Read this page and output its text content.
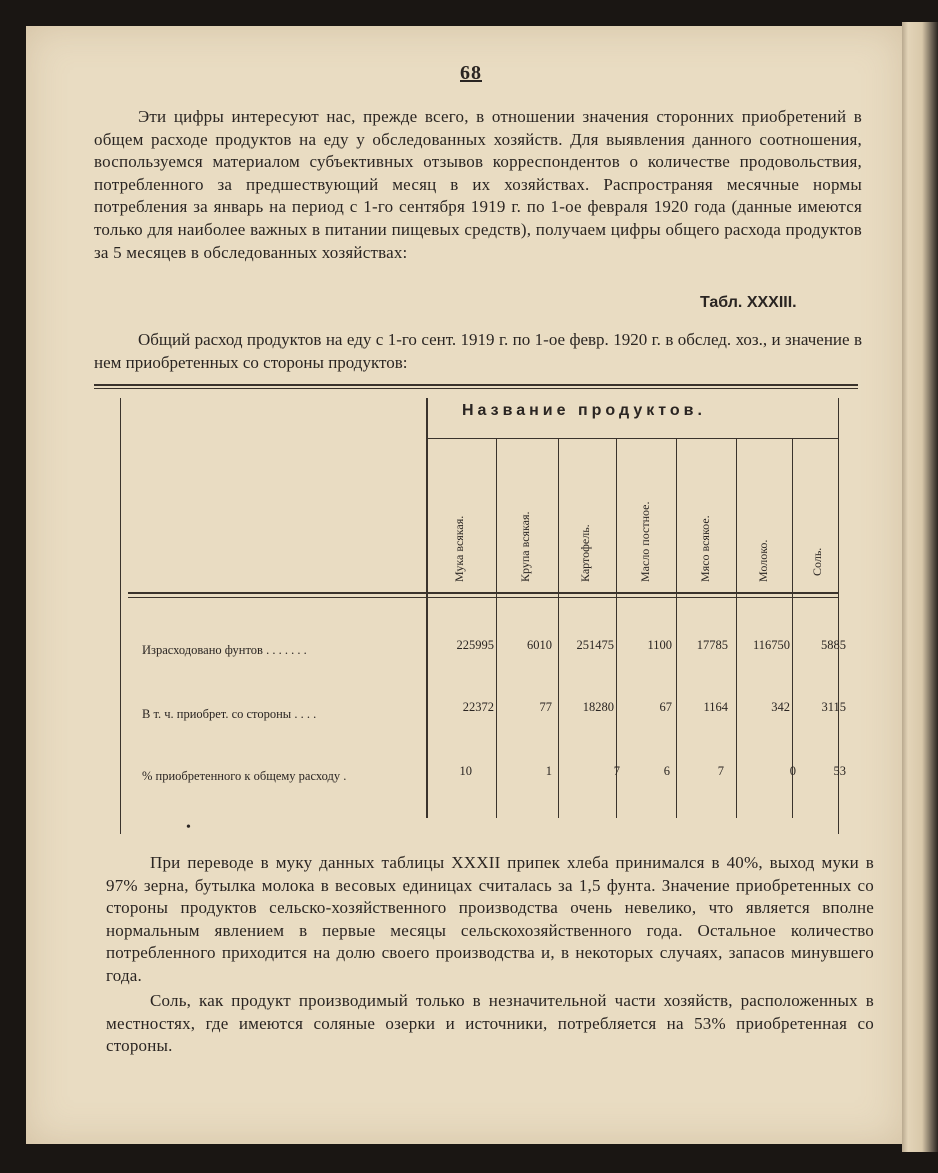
68
Эти цифры интересуют нас, прежде всего, в отношении значения сторонних приобретений в общем расходе продуктов на еду у обследованных хозяйств. Для выявления данного соотношения, воспользуемся материалом субъективных отзывов корреспондентов о количестве продовольствия, потребленного за предшествующий месяц в их хозяйствах. Распространяя месячные нормы потребления за январь на период с 1-го сентября 1919 г. по 1-ое февраля 1920 года (данные имеются только для наиболее важных в питании пищевых средств), получаем цифры общего расхода продуктов за 5 месяцев в обследованных хозяйствах:
Табл. XXXIII.
Общий расход продуктов на еду с 1-го сент. 1919 г. по 1-ое февр. 1920 г. в обслед. хоз., и значение в нем приобретенных со стороны продуктов:
Название продуктов.
Мука всякая.	Крупа всякая.	Картофель.	Масло постное.	Мясо всякое.	Молоко.	Соль.
Израсходовано фунтов . . . . . . .	225995	6010	251475	1100	17785	116750	5885
В т. ч. приобрет. со стороны . . . .	22372	77	18280	67	1164	342	3115
% приобретенного к общему расходу .	10	1	7	6	7	0	53
•
При переводе в муку данных таблицы XXXII припек хлеба принимался в 40%, выход муки в 97% зерна, бутылка молока в весовых единицах считалась за 1,5 фунта. Значение приобретенных со стороны продуктов сельско-хозяйственного производства очень невелико, что является вполне нормальным явлением в первые месяцы сельскохозяйственного года. Остальное количество потребленного приходится на долю своего производства и, в некоторых случаях, запасов минувшего года.
Соль, как продукт производимый только в незначительной части хозяйств, расположенных в местностях, где имеются соляные озерки и источники, потребляется на 53% приобретенная со стороны.
